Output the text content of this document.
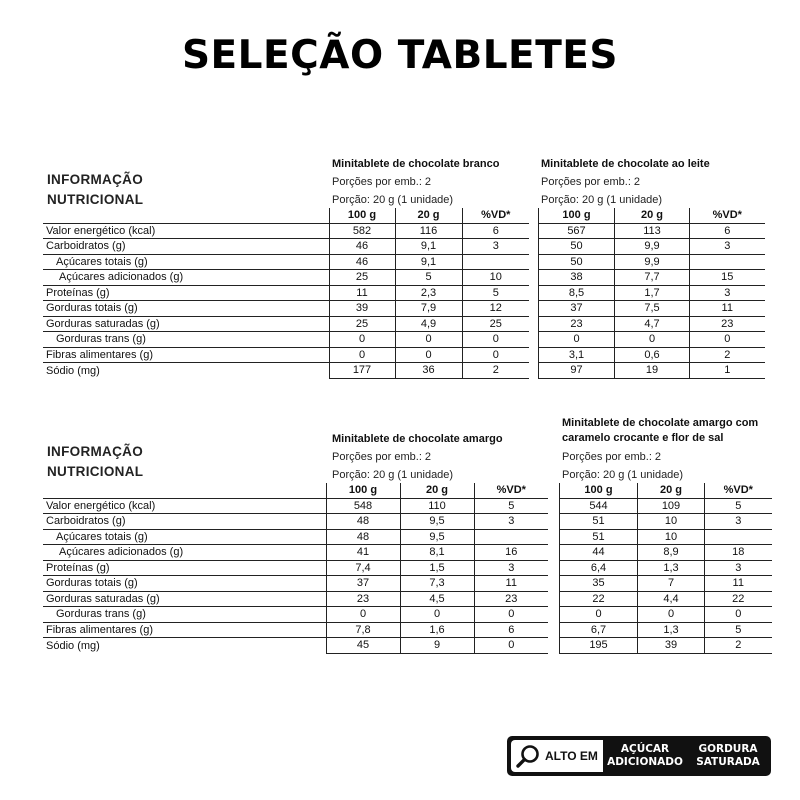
SELEÇÃO TABLETES
INFORMAÇÃO
NUTRICIONAL
Minitablete de chocolate branco
Porções por emb.: 2
Porção: 20 g (1 unidade)
Minitablete de chocolate ao leite
Porções por emb.: 2
Porção: 20 g (1 unidade)
	100 g	20 g	%VD*
Valor energético (kcal)	582	116	6
Carboidratos (g)	46	9,1	3
Açúcares totais (g)	46	9,1	
Açúcares adicionados (g)	25	5	10
Proteínas (g)	11	2,3	5
Gorduras totais (g)	39	7,9	12
Gorduras saturadas (g)	25	4,9	25
Gorduras trans (g)	0	0	0
Fibras alimentares (g)	0	0	0
Sódio (mg)	177	36	2
100 g	20 g	%VD*
567	113	6
50	9,9	3
50	9,9	
38	7,7	15
8,5	1,7	3
37	7,5	11
23	4,7	23
0	0	0
3,1	0,6	2
97	19	1
INFORMAÇÃO
NUTRICIONAL
Minitablete de chocolate amargo
Porções por emb.: 2
Porção: 20 g (1 unidade)
Minitablete de chocolate amargo com
caramelo crocante e flor de sal
Porções por emb.: 2
Porção: 20 g (1 unidade)
	100 g	20 g	%VD*
Valor energético (kcal)	548	110	5
Carboidratos (g)	48	9,5	3
Açúcares totais (g)	48	9,5	
Açúcares adicionados (g)	41	8,1	16
Proteínas (g)	7,4	1,5	3
Gorduras totais (g)	37	7,3	11
Gorduras saturadas (g)	23	4,5	23
Gorduras trans (g)	0	0	0
Fibras alimentares (g)	7,8	1,6	6
Sódio (mg)	45	9	0
100 g	20 g	%VD*
544	109	5
51	10	3
51	10	
44	8,9	18
6,4	1,3	3
35	7	11
22	4,4	22
0	0	0
6,7	1,3	5
195	39	2
ALTO EM	AÇÚCAR
ADICIONADO
GORDURA
SATURADA
